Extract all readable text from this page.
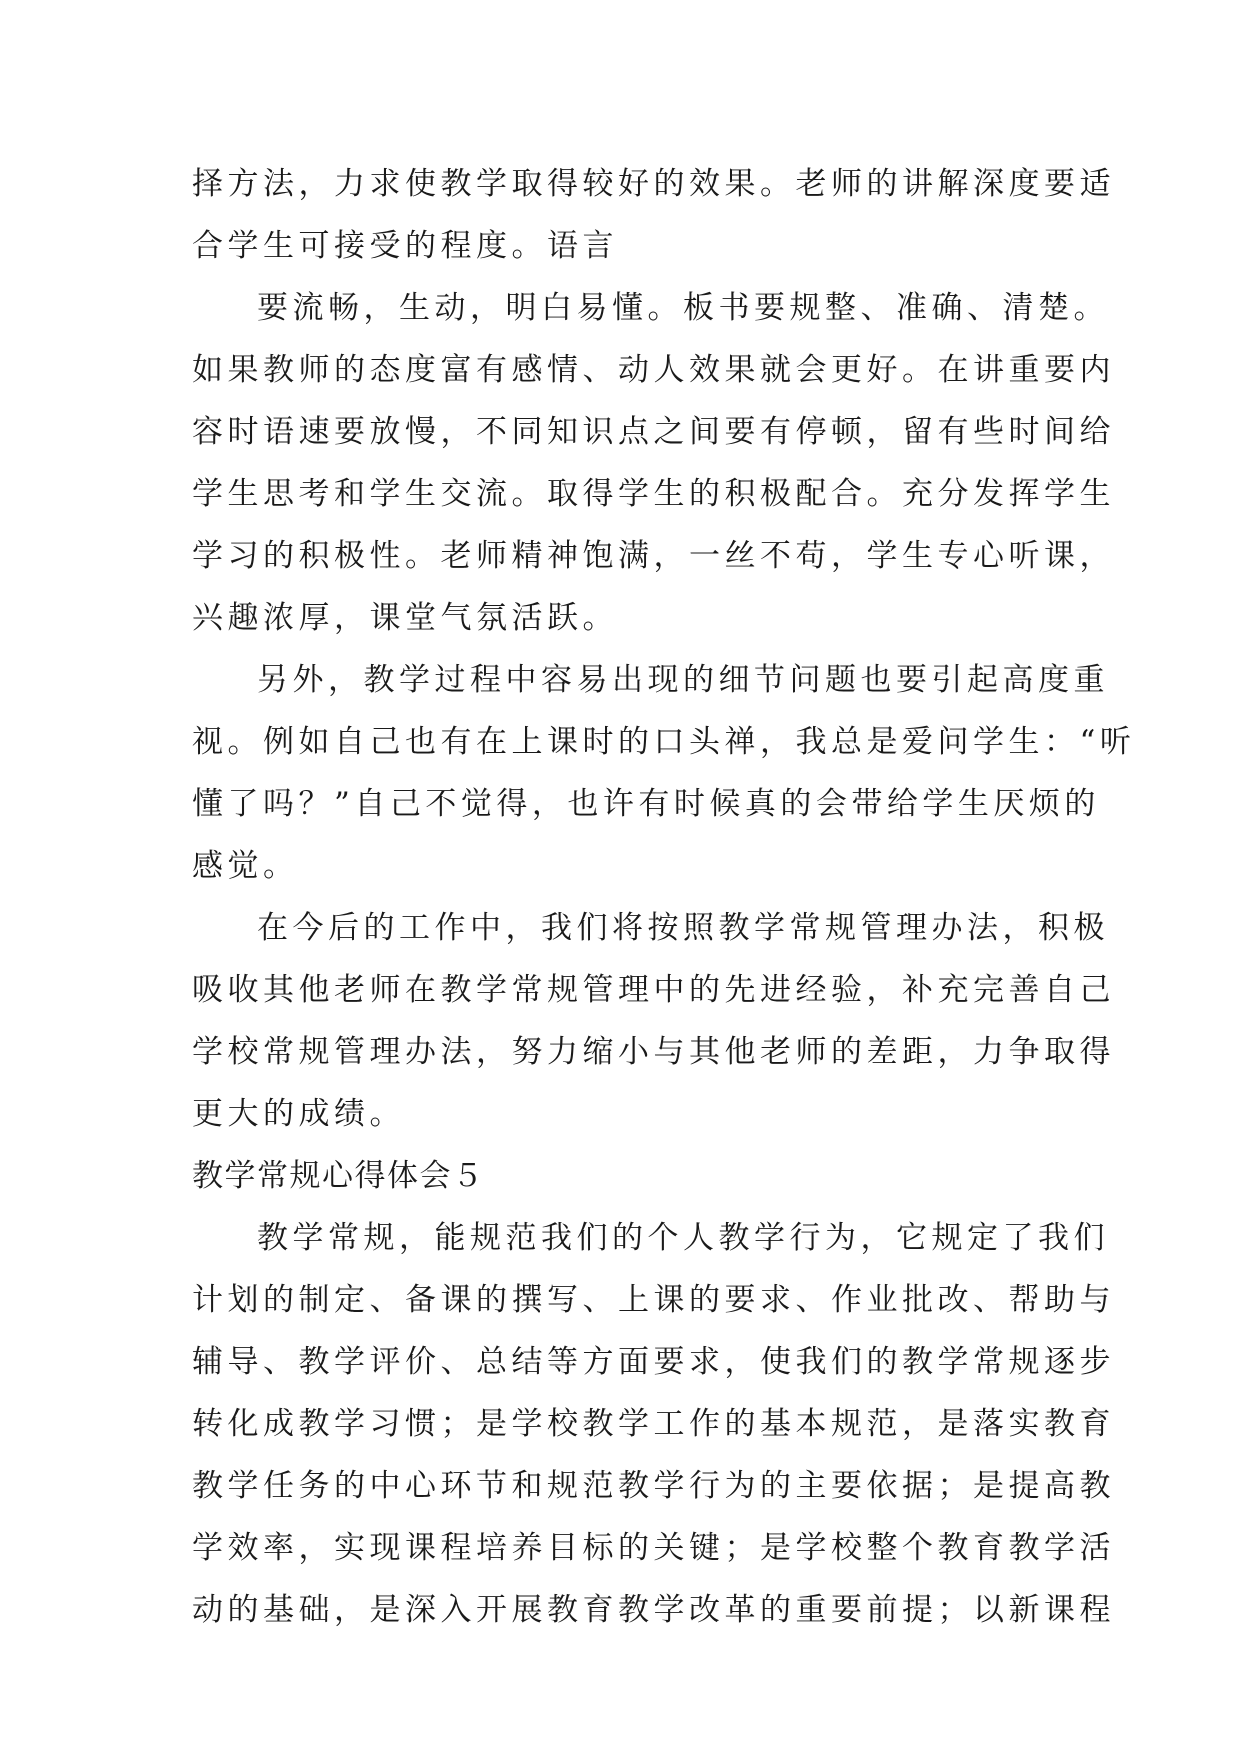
择方法，力求使教学取得较好的效果。老师的讲解深度要适
合学生可接受的程度。语言
要流畅，生动，明白易懂。板书要规整、准确、清楚。
如果教师的态度富有感情、动人效果就会更好。在讲重要内
容时语速要放慢，不同知识点之间要有停顿，留有些时间给
学生思考和学生交流。取得学生的积极配合。充分发挥学生
学习的积极性。老师精神饱满，一丝不苟，学生专心听课，
兴趣浓厚，课堂气氛活跃。
另外，教学过程中容易出现的细节问题也要引起高度重
视。例如自己也有在上课时的口头禅，我总是爱问学生：“听
懂了吗？”自己不觉得，也许有时候真的会带给学生厌烦的
感觉。
在今后的工作中，我们将按照教学常规管理办法，积极
吸收其他老师在教学常规管理中的先进经验，补充完善自己
学校常规管理办法，努力缩小与其他老师的差距，力争取得
更大的成绩。
教学常规心得体会５
教学常规，能规范我们的个人教学行为，它规定了我们
计划的制定、备课的撰写、上课的要求、作业批改、帮助与
辅导、教学评价、总结等方面要求，使我们的教学常规逐步
转化成教学习惯；是学校教学工作的基本规范，是落实教育
教学任务的中心环节和规范教学行为的主要依据；是提高教
学效率，实现课程培养目标的关键；是学校整个教育教学活
动的基础，是深入开展教育教学改革的重要前提；以新课程
